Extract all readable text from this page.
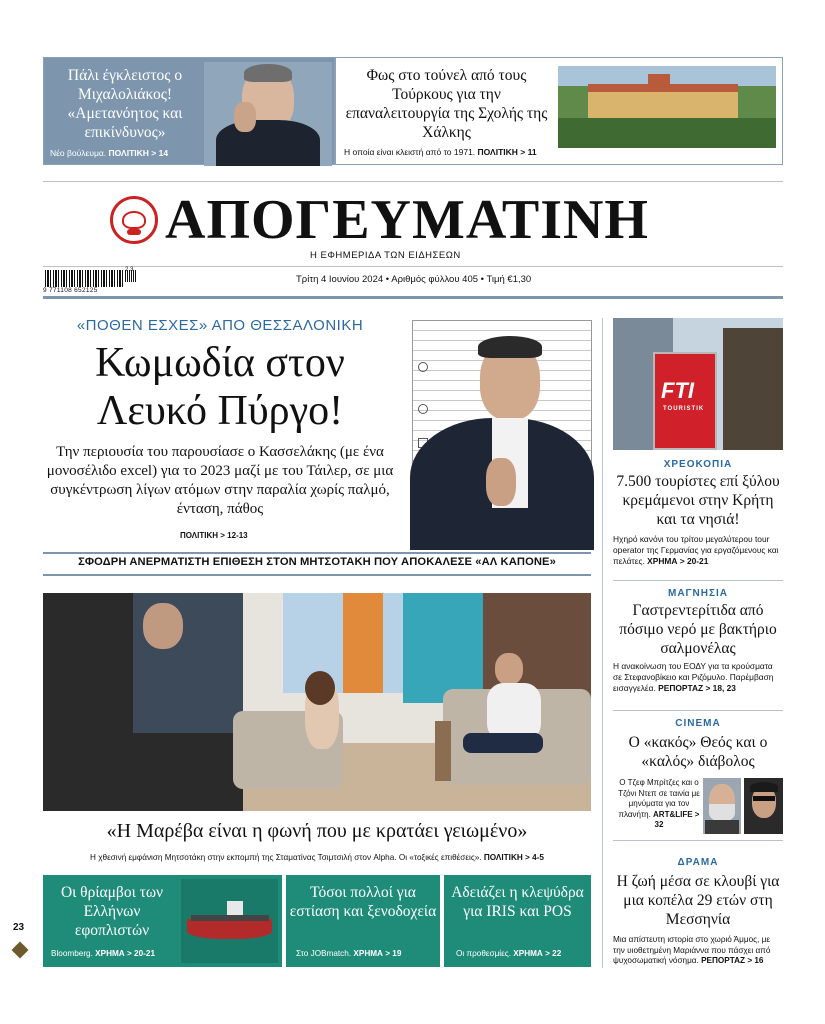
Πάλι έγκλειστος ο Μιχαλολιάκος! «Αμετανόητος και επικίνδυνος»
Νέο βούλευμα. ΠΟΛΙΤΙΚΗ > 14
Φως στο τούνελ από τους Τούρκους για την επαναλειτουργία της Σχολής της Χάλκης
Η οποία είναι κλειστή από το 1971. ΠΟΛΙΤΙΚΗ > 11
ΑΠΟΓΕΥΜΑΤΙΝΗ
Η ΕΦΗΜΕΡΙΔΑ ΤΩΝ ΕΙΔΗΣΕΩΝ
2 3
9 771108 652125
Τρίτη 4 Ιουνίου 2024 • Αριθμός φύλλου 405 • Τιμή €1,30
«ΠΟΘΕΝ ΕΣΧΕΣ» ΑΠΟ ΘΕΣΣΑΛΟΝΙΚΗ
Κωμωδία στον
Λευκό Πύργο!
Την περιουσία του παρουσίασε ο Κασσελάκης (με ένα μονοσέλιδο excel) για το 2023 μαζί με του Τάιλερ, σε μια συγκέντρωση λίγων ατόμων στην παραλία χωρίς παλμό, ένταση, πάθος
ΠΟΛΙΤΙΚΗ > 12-13
ΣΦΟΔΡΗ ΑΝΕΡΜΑΤΙΣΤΗ ΕΠΙΘΕΣΗ ΣΤΟΝ ΜΗΤΣΟΤΑΚΗ ΠΟΥ ΑΠΟΚΑΛΕΣΕ «ΑΛ ΚΑΠΟΝΕ»
«Η Μαρέβα είναι η φωνή που με κρατάει γειωμένο»
Η χθεσινή εμφάνιση Μητσοτάκη στην εκπομπή της Σταματίνας Τσιμτσιλή στον Alpha. Οι «τοξικές επιθέσεις». ΠΟΛΙΤΙΚΗ > 4-5
Οι θρίαμβοι των Ελλήνων εφοπλιστών
Bloomberg. ΧΡΗΜΑ > 20-21
Τόσοι πολλοί για εστίαση και ξενοδοχεία
Στο JOBmatch. ΧΡΗΜΑ > 19
Αδειάζει η κλεψύδρα για IRIS και POS
Οι προθεσμίες. ΧΡΗΜΑ > 22
23
FTI
TOURISTIK
ΧΡΕΟΚΟΠΙΑ
7.500 τουρίστες επί ξύλου κρεμάμενοι στην Κρήτη και τα νησιά!
Ηχηρό κανόνι του τρίτου μεγαλύτερου tour operator της Γερμανίας για εργαζόμενους και πελάτες. ΧΡΗΜΑ > 20-21
ΜΑΓΝΗΣΙΑ
Γαστρεντερίτιδα από πόσιμο νερό με βακτήριο σαλμονέλας
Η ανακοίνωση του ΕΟΔΥ για τα κρούσματα σε Στεφανοβίκειο και Ριζόμυλο. Παρέμβαση εισαγγελέα. ΡΕΠΟΡΤΑΖ > 18, 23
CINEMA
Ο «κακός» Θεός και ο «καλός» διάβολος
Ο Τζεφ Μπρίτζες και ο Τζόνι Ντεπ σε ταινία με μηνύματα για τον πλανήτη. ART&LIFE > 32
ΔΡΑΜΑ
Η ζωή μέσα σε κλουβί για μια κοπέλα 29 ετών στη Μεσσηνία
Μια απίστευτη ιστορία στο χωριό Άμμος, με την υιοθετημένη Μαριάννα που πάσχει από ψυχοσωματική νόσημα. ΡΕΠΟΡΤΑΖ > 16
